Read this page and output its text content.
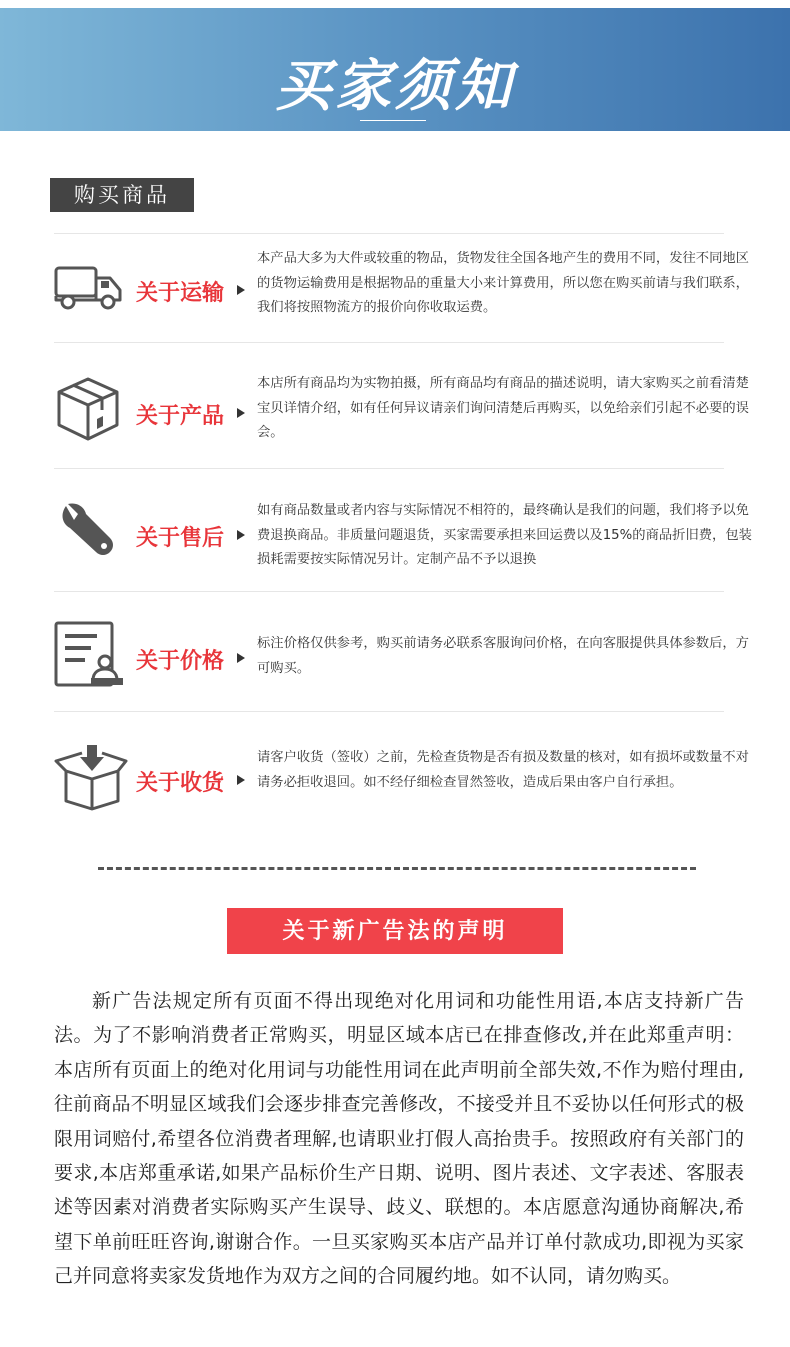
买家须知
购买商品
关于运输
本产品大多为大件或较重的物品，货物发往全国各地产生的费用不同，发往不同地区的货物运输费用是根据物品的重量大小来计算费用，所以您在购买前请与我们联系，我们将按照物流方的报价向你收取运费。
关于产品
本店所有商品均为实物拍摄，所有商品均有商品的描述说明，请大家购买之前看清楚宝贝详情介绍，如有任何异议请亲们询问清楚后再购买，以免给亲们引起不必要的误会。
关于售后
如有商品数量或者内容与实际情况不相符的，最终确认是我们的问题，我们将予以免费退换商品。非质量问题退货，买家需要承担来回运费以及15%的商品折旧费，包装损耗需要按实际情况另计。定制产品不予以退换
关于价格
标注价格仅供参考，购买前请务必联系客服询问价格，在向客服提供具体参数后，方可购买。
关于收货
请客户收货（签收）之前，先检查货物是否有损及数量的核对，如有损坏或数量不对请务必拒收退回。如不经仔细检查冒然签收，造成后果由客户自行承担。
关于新广告法的声明
新广告法规定所有页面不得出现绝对化用词和功能性用语,本店支持新广告法。为了不影响消费者正常购买，明显区域本店已在排查修改,并在此郑重声明：本店所有页面上的绝对化用词与功能性用词在此声明前全部失效,不作为赔付理由,往前商品不明显区域我们会逐步排查完善修改，不接受并且不妥协以任何形式的极限用词赔付,希望各位消费者理解,也请职业打假人高抬贵手。按照政府有关部门的要求,本店郑重承诺,如果产品标价生产日期、说明、图片表述、文字表述、客服表述等因素对消费者实际购买产生误导、歧义、联想的。本店愿意沟通协商解决,希望下单前旺旺咨询,谢谢合作。一旦买家购买本店产品并订单付款成功,即视为买家己并同意将卖家发货地作为双方之间的合同履约地。如不认同，请勿购买。
